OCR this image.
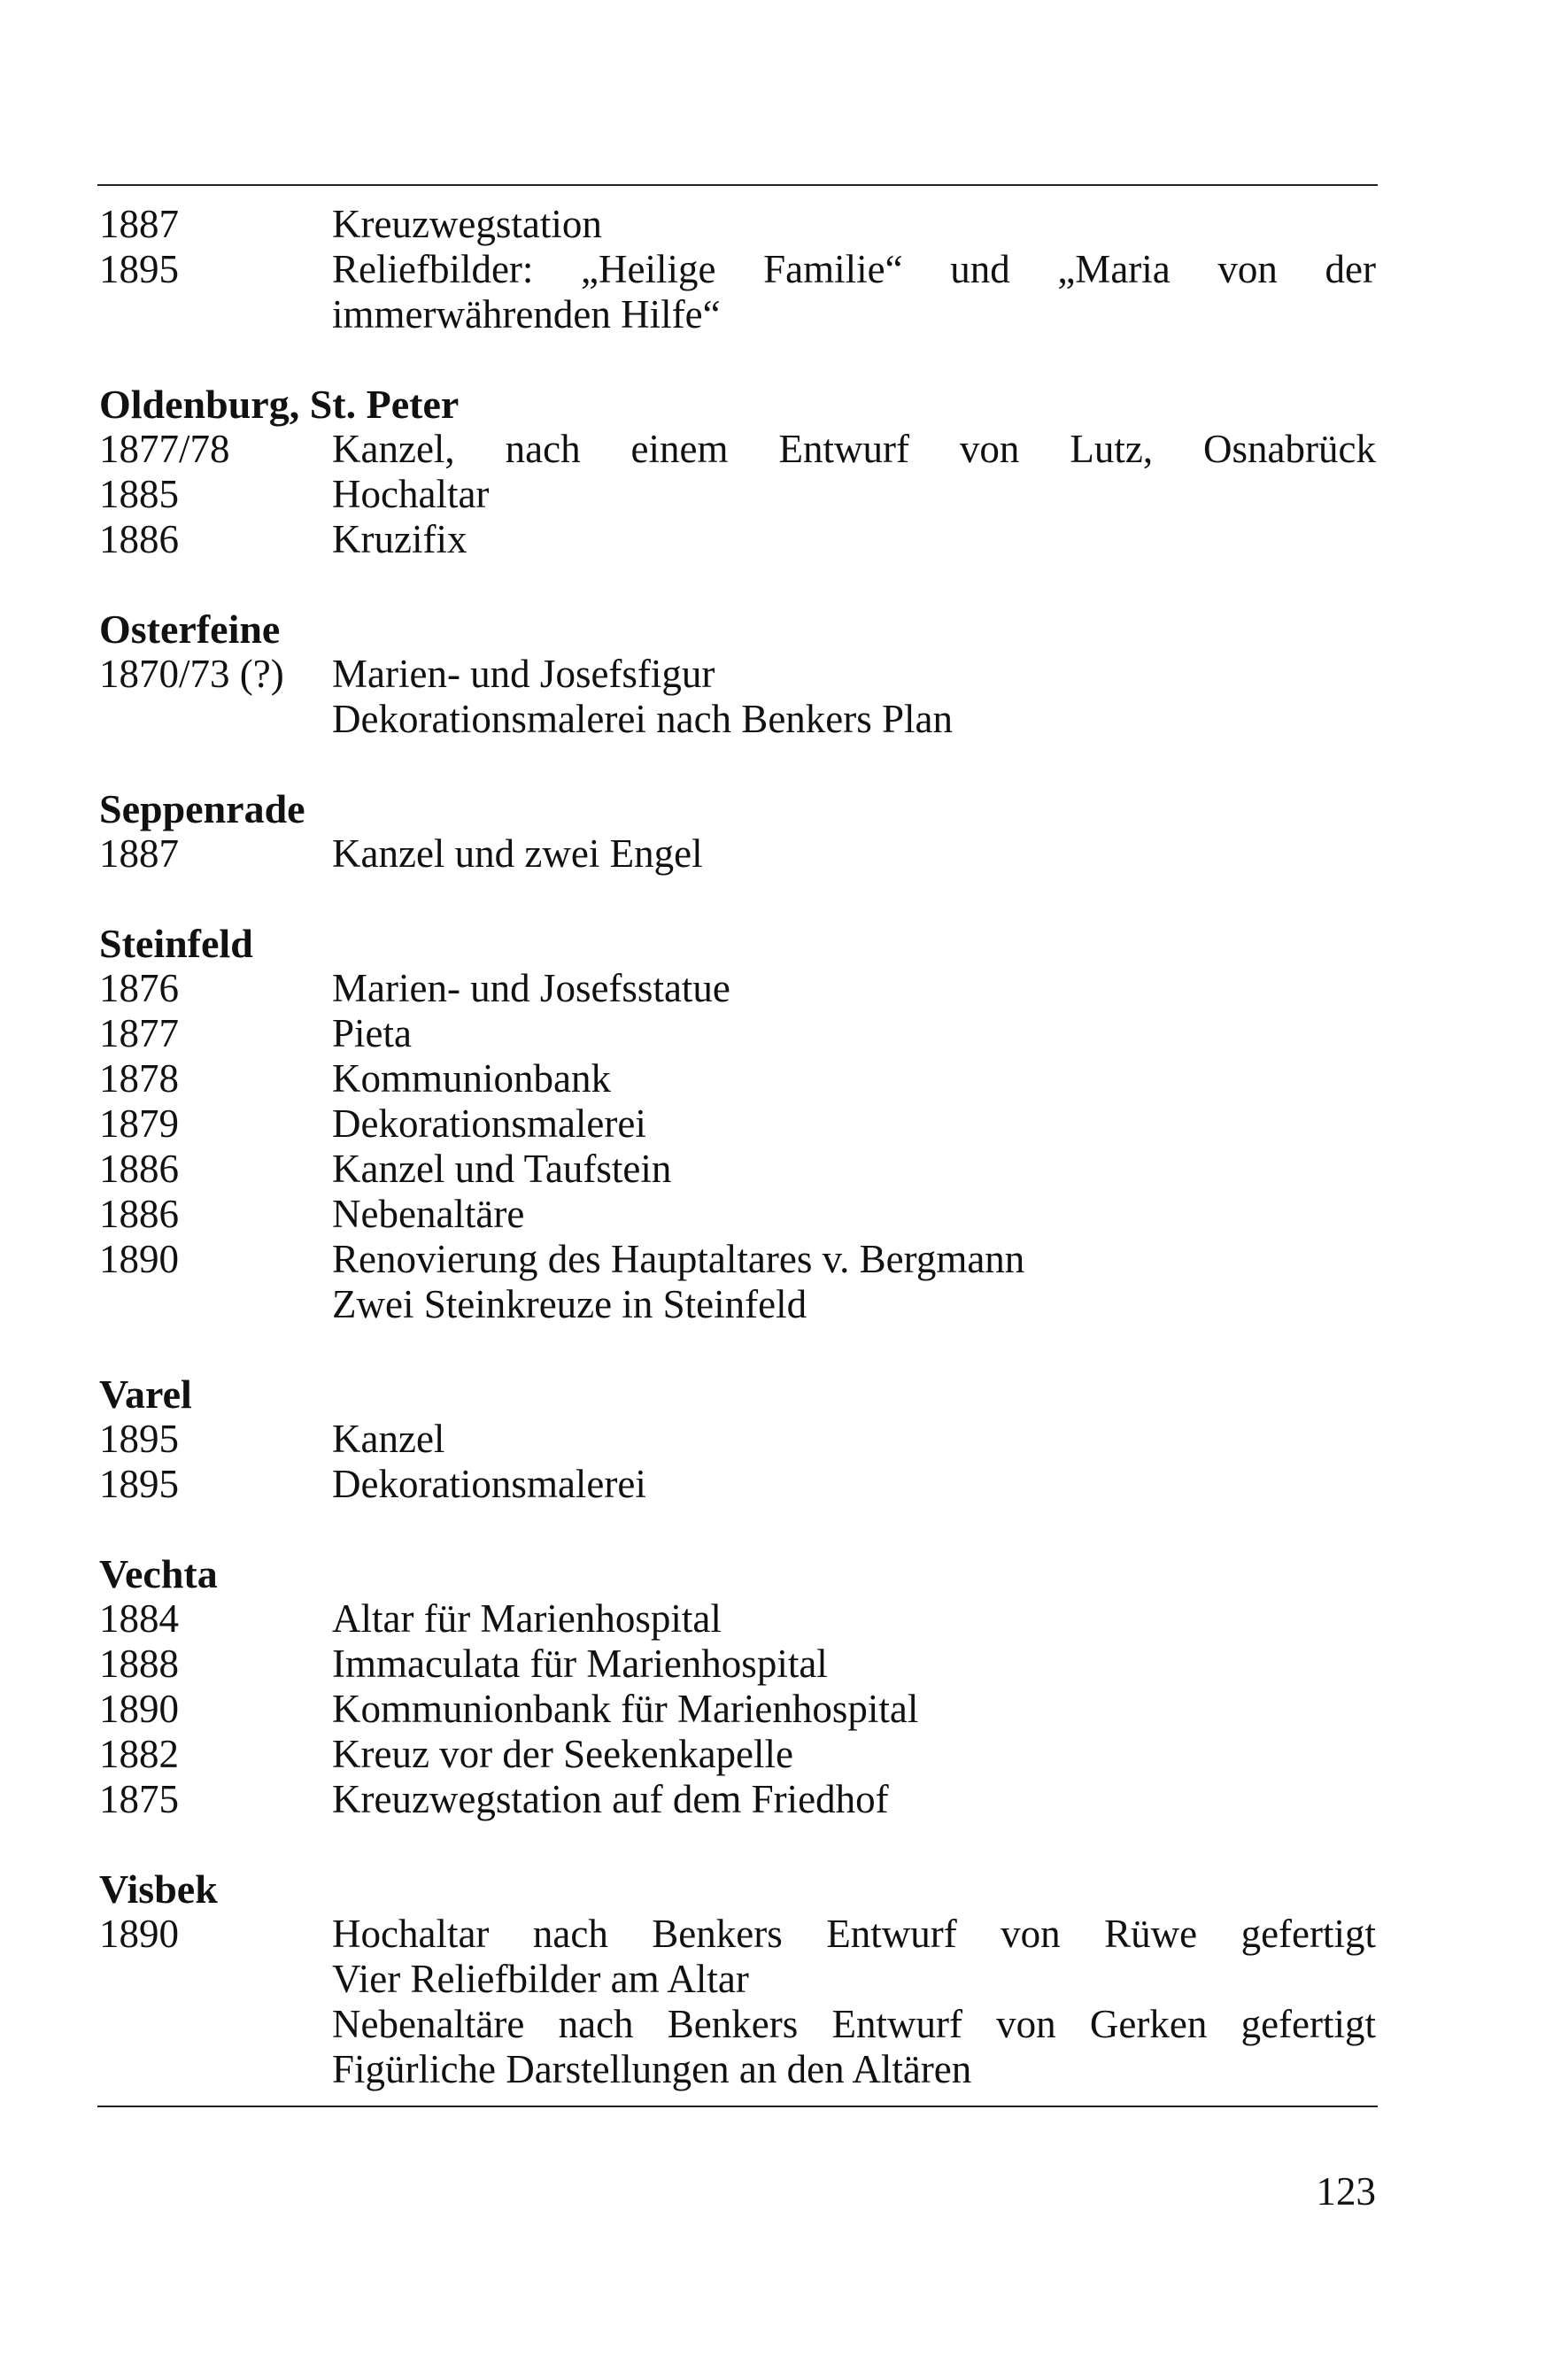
1887	Kreuzwegstation
1895	Reliefbilder: „Heilige Familie“ und „Maria von der immerwährenden Hilfe“
Oldenburg, St. Peter
1877/78	Kanzel, nach einem Entwurf von Lutz, Osnabrück
1885	Hochaltar
1886	Kruzifix
Osterfeine
1870/73 (?)	Marien- und Josefsfigur
Dekorationsmalerei nach Benkers Plan
Seppenrade
1887	Kanzel und zwei Engel
Steinfeld
1876	Marien- und Josefsstatue
1877	Pieta
1878	Kommunionbank
1879	Dekorationsmalerei
1886	Kanzel und Taufstein
1886	Nebenaltäre
1890	Renovierung des Hauptaltares v. Bergmann
Zwei Steinkreuze in Steinfeld
Varel
1895	Kanzel
1895	Dekorationsmalerei
Vechta
1884	Altar für Marienhospital
1888	Immaculata für Marienhospital
1890	Kommunionbank für Marienhospital
1882	Kreuz vor der Seekenkapelle
1875	Kreuzwegstation auf dem Friedhof
Visbek
1890	Hochaltar nach Benkers Entwurf von Rüwe gefertigt
Vier Reliefbilder am Altar
Nebenaltäre nach Benkers Entwurf von Gerken gefertigt
Figürliche Darstellungen an den Altären
123
